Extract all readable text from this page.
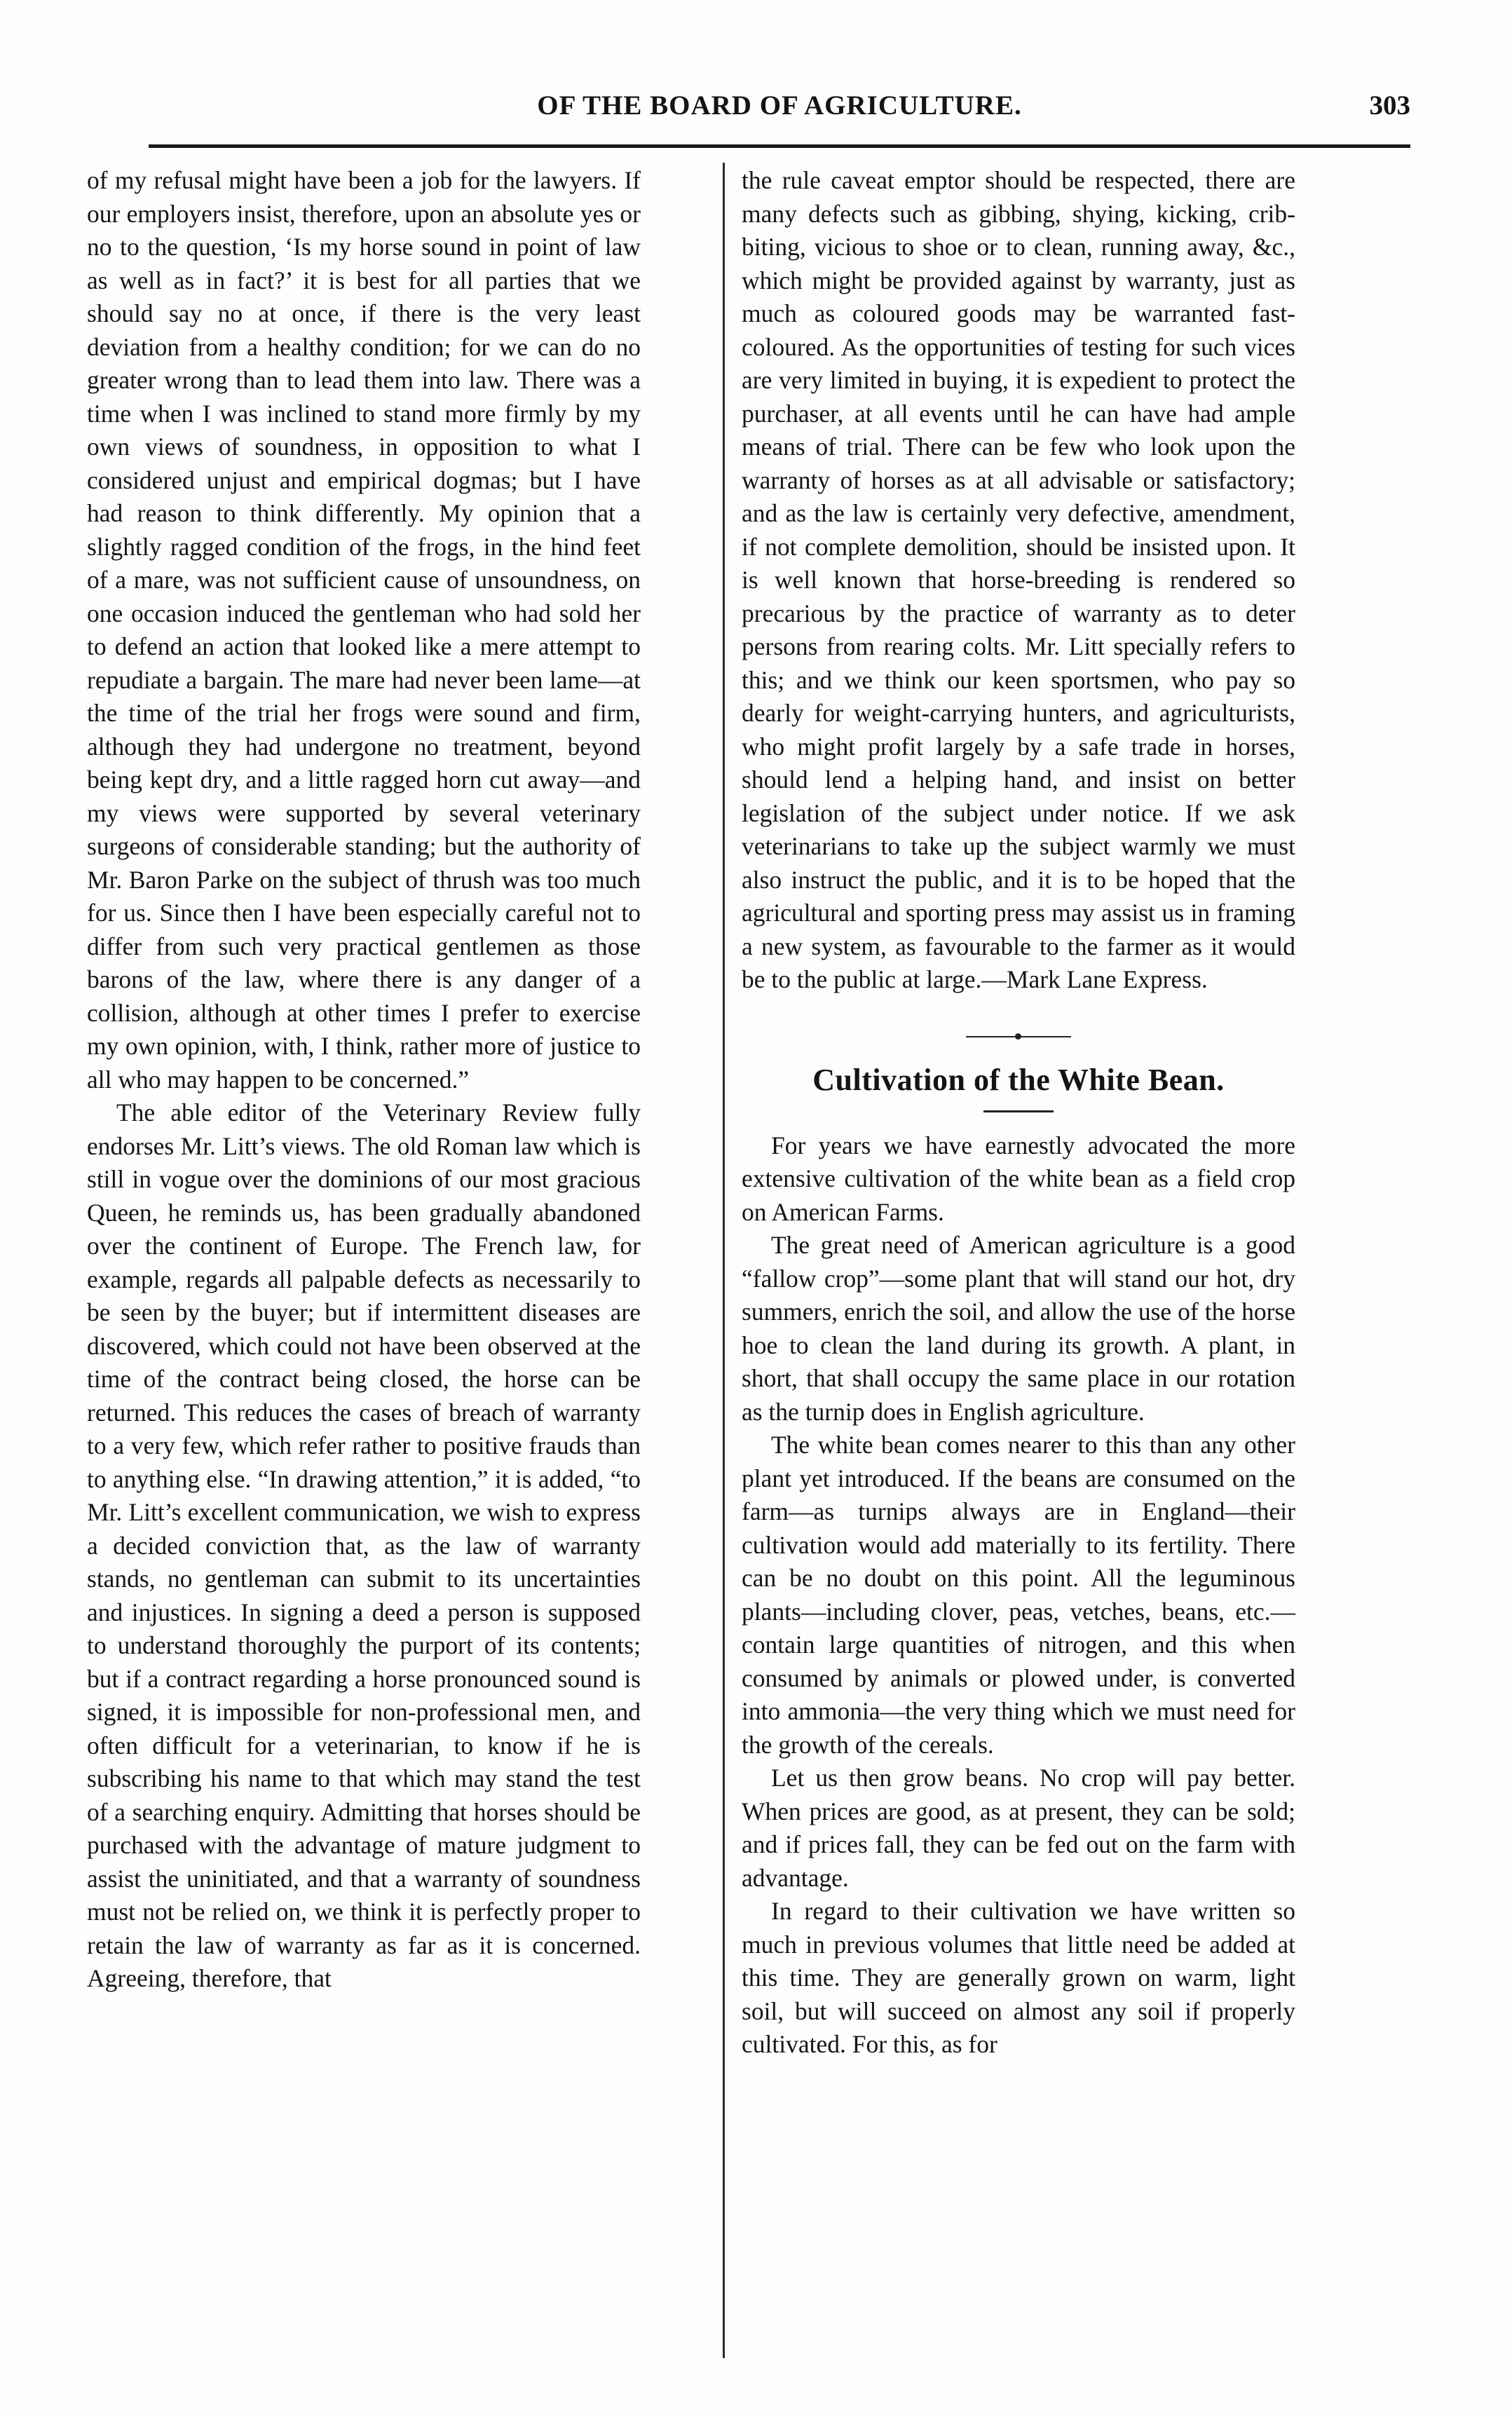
OF THE BOARD OF AGRICULTURE.	303

of my refusal might have been a job for the lawyers. If our employers insist, therefore, upon an absolute yes or no to the question, ‘Is my horse sound in point of law as well as in fact?’ it is best for all parties that we should say no at once, if there is the very least deviation from a healthy condition; for we can do no greater wrong than to lead them into law. There was a time when I was inclined to stand more firmly by my own views of soundness, in opposition to what I considered unjust and empirical dogmas; but I have had reason to think differently. My opinion that a slightly ragged condition of the frogs, in the hind feet of a mare, was not sufficient cause of unsoundness, on one occasion induced the gentleman who had sold her to defend an action that looked like a mere attempt to repudiate a bargain. The mare had never been lame—at the time of the trial her frogs were sound and firm, although they had undergone no treatment, beyond being kept dry, and a little ragged horn cut away—and my views were supported by several veterinary surgeons of considerable standing; but the authority of Mr. Baron Parke on the subject of thrush was too much for us. Since then I have been especially careful not to differ from such very practical gentlemen as those barons of the law, where there is any danger of a collision, although at other times I prefer to exercise my own opinion, with, I think, rather more of justice to all who may happen to be concerned.”

The able editor of the Veterinary Review fully endorses Mr. Litt’s views. The old Roman law which is still in vogue over the dominions of our most gracious Queen, he reminds us, has been gradually abandoned over the continent of Europe. The French law, for example, regards all palpable defects as necessarily to be seen by the buyer; but if intermittent diseases are discovered, which could not have been observed at the time of the contract being closed, the horse can be returned. This reduces the cases of breach of warranty to a very few, which refer rather to positive frauds than to anything else. “In drawing attention,” it is added, “to Mr. Litt’s excellent communication, we wish to express a decided conviction that, as the law of warranty stands, no gentleman can submit to its uncertainties and injustices. In signing a deed a person is supposed to understand thoroughly the purport of its contents; but if a contract regarding a horse pronounced sound is signed, it is impossible for non-professional men, and often difficult for a veterinarian, to know if he is subscribing his name to that which may stand the test of a searching enquiry. Admitting that horses should be purchased with the advantage of mature judgment to assist the uninitiated, and that a warranty of soundness must not be relied on, we think it is perfectly proper to retain the law of warranty as far as it is concerned. Agreeing, therefore, that

the rule caveat emptor should be respected, there are many defects such as gibbing, shying, kicking, crib-biting, vicious to shoe or to clean, running away, &c., which might be provided against by warranty, just as much as coloured goods may be warranted fast-coloured. As the opportunities of testing for such vices are very limited in buying, it is expedient to protect the purchaser, at all events until he can have had ample means of trial. There can be few who look upon the warranty of horses as at all advisable or satisfactory; and as the law is certainly very defective, amendment, if not complete demolition, should be insisted upon. It is well known that horse-breeding is rendered so precarious by the practice of warranty as to deter persons from rearing colts. Mr. Litt specially refers to this; and we think our keen sportsmen, who pay so dearly for weight-carrying hunters, and agriculturists, who might profit largely by a safe trade in horses, should lend a helping hand, and insist on better legislation of the subject under notice. If we ask veterinarians to take up the subject warmly we must also instruct the public, and it is to be hoped that the agricultural and sporting press may assist us in framing a new system, as favourable to the farmer as it would be to the public at large.—Mark Lane Express.

Cultivation of the White Bean.

For years we have earnestly advocated the more extensive cultivation of the white bean as a field crop on American Farms.

The great need of American agriculture is a good “fallow crop”—some plant that will stand our hot, dry summers, enrich the soil, and allow the use of the horse hoe to clean the land during its growth. A plant, in short, that shall occupy the same place in our rotation as the turnip does in English agriculture.

The white bean comes nearer to this than any other plant yet introduced. If the beans are consumed on the farm—as turnips always are in England—their cultivation would add materially to its fertility. There can be no doubt on this point. All the leguminous plants—including clover, peas, vetches, beans, etc.—contain large quantities of nitrogen, and this when consumed by animals or plowed under, is converted into ammonia—the very thing which we must need for the growth of the cereals.

Let us then grow beans. No crop will pay better. When prices are good, as at present, they can be sold; and if prices fall, they can be fed out on the farm with advantage.

In regard to their cultivation we have written so much in previous volumes that little need be added at this time. They are generally grown on warm, light soil, but will succeed on almost any soil if properly cultivated. For this, as for
